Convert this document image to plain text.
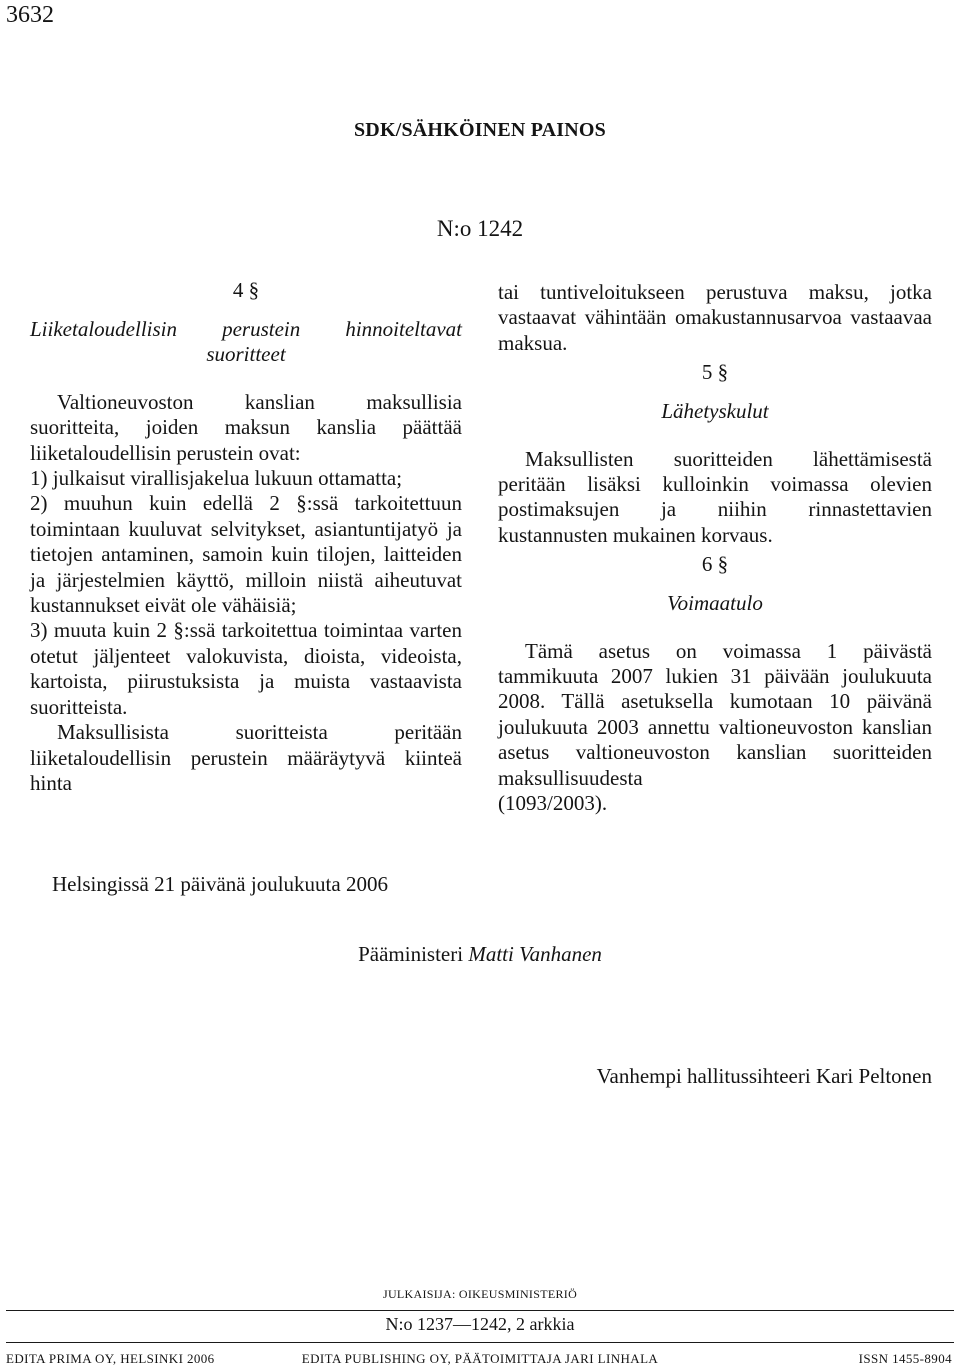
3632
SDK/SÄHKÖINEN PAINOS
N:o 1242
4 §
Liiketaloudellisin perustein hinnoiteltavat
suoritteet

Valtioneuvoston kanslian maksullisia suoritteita, joiden maksun kanslia päättää liiketaloudellisin perustein ovat:

1) julkaisut virallisjakelua lukuun ottamatta;

2) muuhun kuin edellä 2 §:ssä tarkoitettuun toimintaan kuuluvat selvitykset, asiantuntijatyö ja tietojen antaminen, samoin kuin tilojen, laitteiden ja järjestelmien käyttö, milloin niistä aiheutuvat kustannukset eivät ole vähäisiä;

3) muuta kuin 2 §:ssä tarkoitettua toimintaa varten otetut jäljenteet valokuvista, dioista, videoista, kartoista, piirustuksista ja muista vastaavista suoritteista.

Maksullisista suoritteista peritään liiketaloudellisin perustein määräytyvä kiinteä hinta

tai tuntiveloitukseen perustuva maksu, jotka vastaavat vähintään omakustannusarvoa vastaavaa maksua.

5 §
Lähetyskulut

Maksullisten suoritteiden lähettämisestä peritään lisäksi kulloinkin voimassa olevien postimaksujen ja niihin rinnastettavien kustannusten mukainen korvaus.

6 §
Voimaatulo

Tämä asetus on voimassa 1 päivästä tammikuuta 2007 lukien 31 päivään joulukuuta 2008. Tällä asetuksella kumotaan 10 päivänä joulukuuta 2003 annettu valtioneuvoston kanslian asetus valtioneuvoston kanslian suoritteiden maksullisuudesta

(1093/2003).

Helsingissä 21 päivänä joulukuuta 2006
Pääministeri Matti Vanhanen
Vanhempi hallitussihteeri Kari Peltonen
JULKAISIJA: OIKEUSMINISTERIÖ
N:o 1237—1242, 2 arkkia
EDITA PRIMA OY, HELSINKI 2006	EDITA PUBLISHING OY, PÄÄTOIMITTAJA JARI LINHALA	ISSN 1455-8904
